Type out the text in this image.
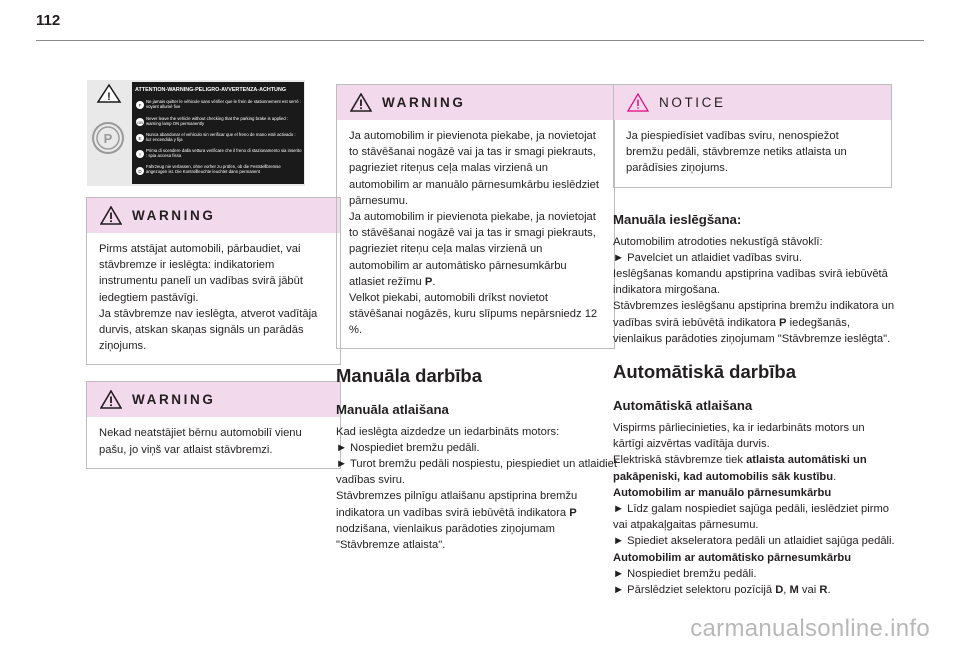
112
!
P
ATTENTION-WARNING-PELIGRO-AVVERTENZA-ACHTUNG
F
Ne jamais quitter le véhicule sans vérifier que le frein de stationnement est serré : voyant allumé fixe
GB
Never leave the vehicle without checking that the parking brake is applied : warning lamp ON permanently
E
Nunca abandonar el vehículo sin verificar que el freno de mano esté activado : luz encendida y fija
I
Prima di scendere dalla vettura verificare che il freno di stazionamento sia inserito : spia accesa fissa
D
Fahrzeug nie verlassen, ohne vorher zu prüfen, ob die Feststellbremse angezogen ist. Die Kontrollleuchte leuchtet dann permanent
WARNING

Pirms atstājat automobili, pārbaudiet, vai stāvbremze ir ieslēgta: indikatoriem instrumentu panelī un vadības svirā jābūt iedegtiem pastāvīgi.

Ja stāvbremze nav ieslēgta, atverot vadītāja durvis, atskan skaņas signāls un parādās ziņojums.

WARNING

Nekad neatstājiet bērnu automobilī vienu pašu, jo viņš var atlaist stāvbremzi.

WARNING

Ja automobilim ir pievienota piekabe, ja novietojat to stāvēšanai nogāzē vai ja tas ir smagi piekrauts, pagrieziet riteņus ceļa malas virzienā un automobilim ar manuālo pārnesumkārbu ieslēdziet pārnesumu.

Ja automobilim ir pievienota piekabe, ja novietojat to stāvēšanai nogāzē vai ja tas ir smagi piekrauts, pagrieziet riteņu ceļa malas virzienā un automobilim ar automātisko pārnesumkārbu atlasiet režīmu P.

Velkot piekabi, automobili drīkst novietot stāvēšanai nogāzēs, kuru slīpums nepārsniedz 12 %.

Manuāla darbība
Manuāla atlaišana

Kad ieslēgta aizdedze un iedarbināts motors:

► Nospiediet bremžu pedāli.

► Turot bremžu pedāli nospiestu, piespiediet un atlaidiet vadības sviru.

Stāvbremzes pilnīgu atlaišanu apstiprina bremžu indikatora un vadības svirā iebūvētā indikatora P nodzišana, vienlaikus parādoties ziņojumam "Stāvbremze atlaista".

NOTICE

Ja piespiedīsiet vadības sviru, nenospiežot bremžu pedāli, stāvbremze netiks atlaista un parādīsies ziņojums.

Manuāla ieslēgšana:

Automobilim atrodoties nekustīgā stāvoklī:

► Pavelciet un atlaidiet vadības sviru.

Ieslēgšanas komandu apstiprina vadības svirā iebūvētā indikatora mirgošana.

Stāvbremzes ieslēgšanu apstiprina bremžu indikatora un vadības svirā iebūvētā indikatora P iedegšanās, vienlaikus parādoties ziņojumam "Stāvbremze ieslēgta".

Automātiskā darbība
Automātiskā atlaišana

Vispirms pārliecinieties, ka ir iedarbināts motors un kārtīgi aizvērtas vadītāja durvis.

Elektriskā stāvbremze tiek atlaista automātiski un pakāpeniski, kad automobilis sāk kustību.

Automobilim ar manuālo pārnesumkārbu

► Līdz galam nospiediet sajūga pedāli, ieslēdziet pirmo vai atpakaļgaitas pārnesumu.

► Spiediet akseleratora pedāli un atlaidiet sajūga pedāli.

Automobilim ar automātisko pārnesumkārbu

► Nospiediet bremžu pedāli.

► Pārslēdziet selektoru pozīcijā D, M vai R.

carmanualsonline.info
